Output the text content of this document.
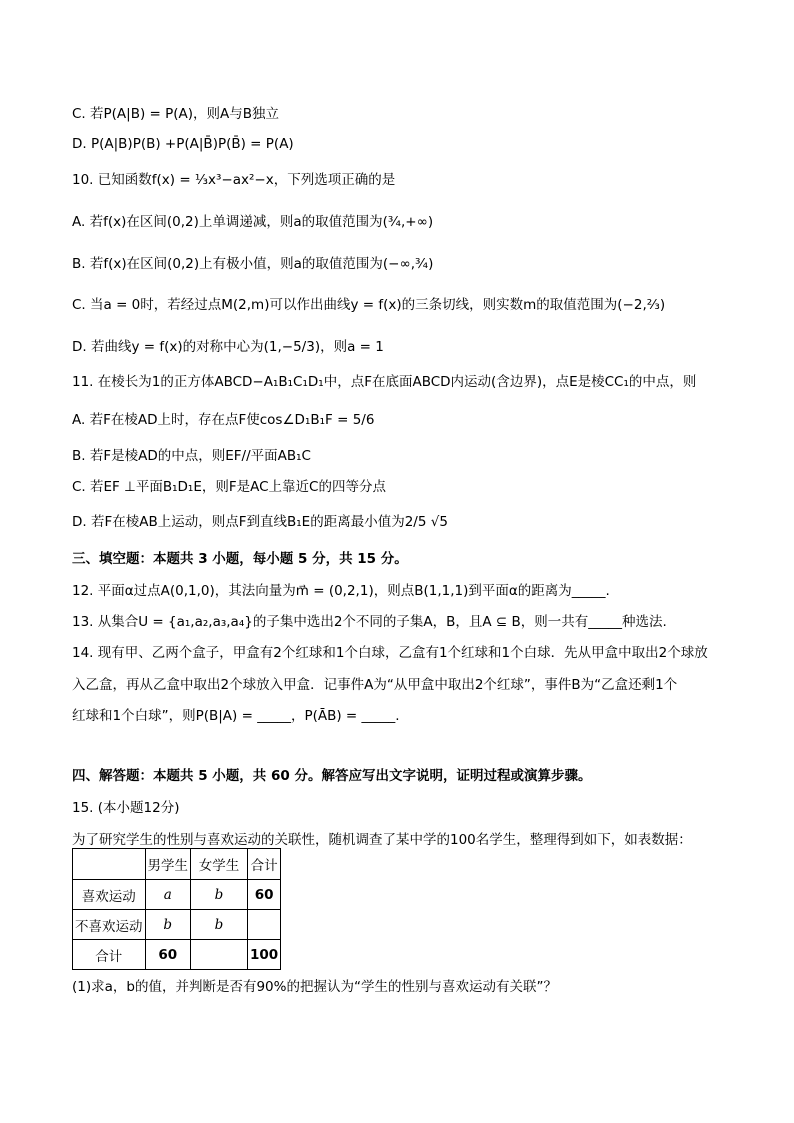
C. 若P(A|B) = P(A)，则A与B独立
D. P(A|B)P(B) +P(A|B̄)P(B̄) = P(A)
10. 已知函数f(x) = ⅓x³−ax²−x，下列选项正确的是
A. 若f(x)在区间(0,2)上单调递减，则a的取值范围为(¾,+∞)
B. 若f(x)在区间(0,2)上有极小值，则a的取值范围为(−∞,¾)
C. 当a = 0时，若经过点M(2,m)可以作出曲线y = f(x)的三条切线，则实数m的取值范围为(−2,⅔)
D. 若曲线y = f(x)的对称中心为(1,−5/3)，则a = 1
11. 在棱长为1的正方体ABCD−A₁B₁C₁D₁中，点F在底面ABCD内运动(含边界)，点E是棱CC₁的中点，则
A. 若F在棱AD上时，存在点F使cos∠D₁B₁F = 5/6
B. 若F是棱AD的中点，则EF//平面AB₁C
C. 若EF ⊥平面B₁D₁E，则F是AC上靠近C的四等分点
D. 若F在棱AB上运动，则点F到直线B₁E的距离最小值为2/5 √5
三、填空题：本题共 3 小题，每小题 5 分，共 15 分。
12. 平面α过点A(0,1,0)，其法向量为m⃗ = (0,2,1)，则点B(1,1,1)到平面α的距离为_____.
13. 从集合U = {a₁,a₂,a₃,a₄}的子集中选出2个不同的子集A，B，且A ⊆ B，则一共有_____种选法.
14. 现有甲、乙两个盒子，甲盒有2个红球和1个白球，乙盒有1个红球和1个白球．先从甲盒中取出2个球放
入乙盒，再从乙盒中取出2个球放入甲盒．记事件A为“从甲盒中取出2个红球”，事件B为“乙盒还剩1个
红球和1个白球”，则P(B|A) = _____，P(ĀB) = _____.
四、解答题：本题共 5 小题，共 60 分。解答应写出文字说明，证明过程或演算步骤。
15. (本小题12分)
为了研究学生的性别与喜欢运动的关联性，随机调查了某中学的100名学生，整理得到如下，如表数据：
	男学生	女学生	合计
喜欢运动	a	b	60
不喜欢运动	b	b	
合计	60		100
(1)求a，b的值，并判断是否有90%的把握认为“学生的性别与喜欢运动有关联”？
